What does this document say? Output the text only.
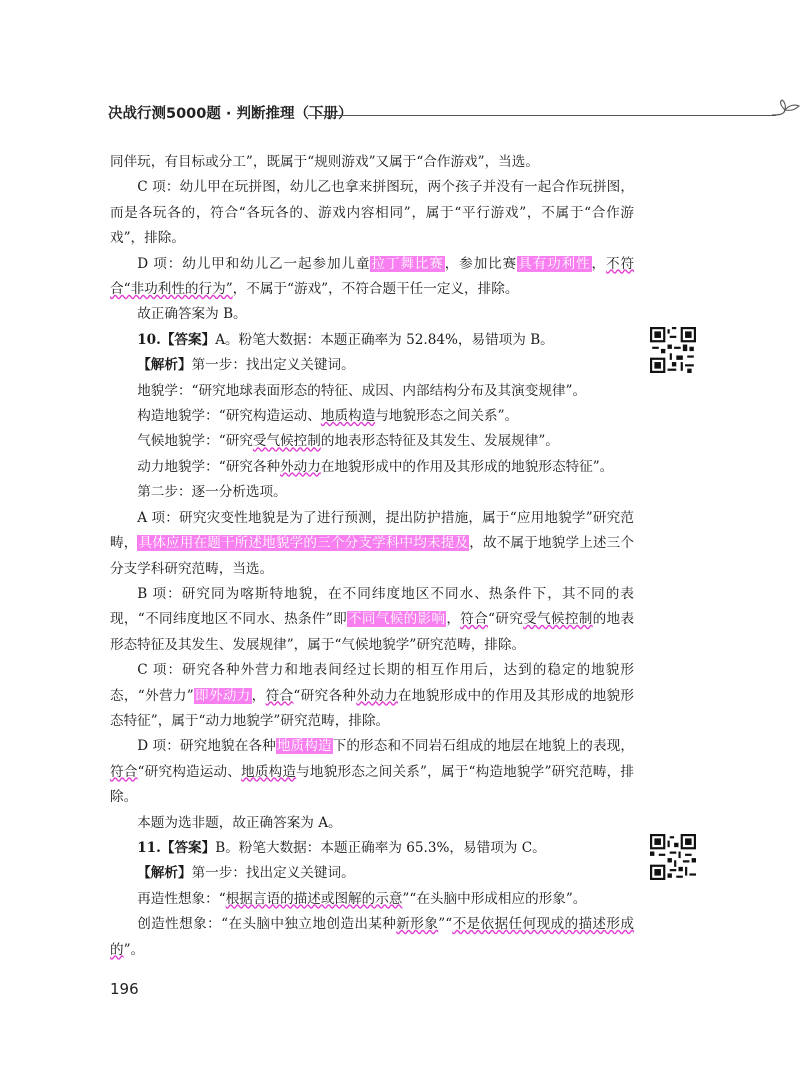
决战行测5000题 · 判断推理（下册）

同伴玩，有目标或分工”，既属于“规则游戏”又属于“合作游戏”，当选。

C 项：幼儿甲在玩拼图，幼儿乙也拿来拼图玩，两个孩子并没有一起合作玩拼图，而是各玩各的，符合“各玩各的、游戏内容相同”，属于“平行游戏”，不属于“合作游戏”，排除。

D 项：幼儿甲和幼儿乙一起参加儿童拉丁舞比赛，参加比赛具有功利性，不符合“非功利性的行为”，不属于“游戏”，不符合题干任一定义，排除。

故正确答案为 B。

10.【答案】A。粉笔大数据：本题正确率为 52.84%，易错项为 B。

【解析】第一步：找出定义关键词。

地貌学：“研究地球表面形态的特征、成因、内部结构分布及其演变规律”。

构造地貌学：“研究构造运动、地质构造与地貌形态之间关系”。

气候地貌学：“研究受气候控制的地表形态特征及其发生、发展规律”。

动力地貌学：“研究各种外动力在地貌形成中的作用及其形成的地貌形态特征”。

第二步：逐一分析选项。

A 项：研究灾变性地貌是为了进行预测，提出防护措施，属于“应用地貌学”研究范畴，具体应用在题干所述地貌学的三个分支学科中均未提及，故不属于地貌学上述三个分支学科研究范畴，当选。

B 项：研究同为喀斯特地貌，在不同纬度地区不同水、热条件下，其不同的表现，“不同纬度地区不同水、热条件”即不同气候的影响，符合“研究受气候控制的地表形态特征及其发生、发展规律”，属于“气候地貌学”研究范畴，排除。

C 项：研究各种外营力和地表间经过长期的相互作用后，达到的稳定的地貌形态，“外营力”即外动力，符合“研究各种外动力在地貌形成中的作用及其形成的地貌形态特征”，属于“动力地貌学”研究范畴，排除。

D 项：研究地貌在各种地质构造下的形态和不同岩石组成的地层在地貌上的表现，符合“研究构造运动、地质构造与地貌形态之间关系”，属于“构造地貌学”研究范畴，排除。

本题为选非题，故正确答案为 A。

11.【答案】B。粉笔大数据：本题正确率为 65.3%，易错项为 C。

【解析】第一步：找出定义关键词。

再造性想象：“根据言语的描述或图解的示意”“在头脑中形成相应的形象”。

创造性想象：“在头脑中独立地创造出某种新形象”“不是依据任何现成的描述形成的”。

196
